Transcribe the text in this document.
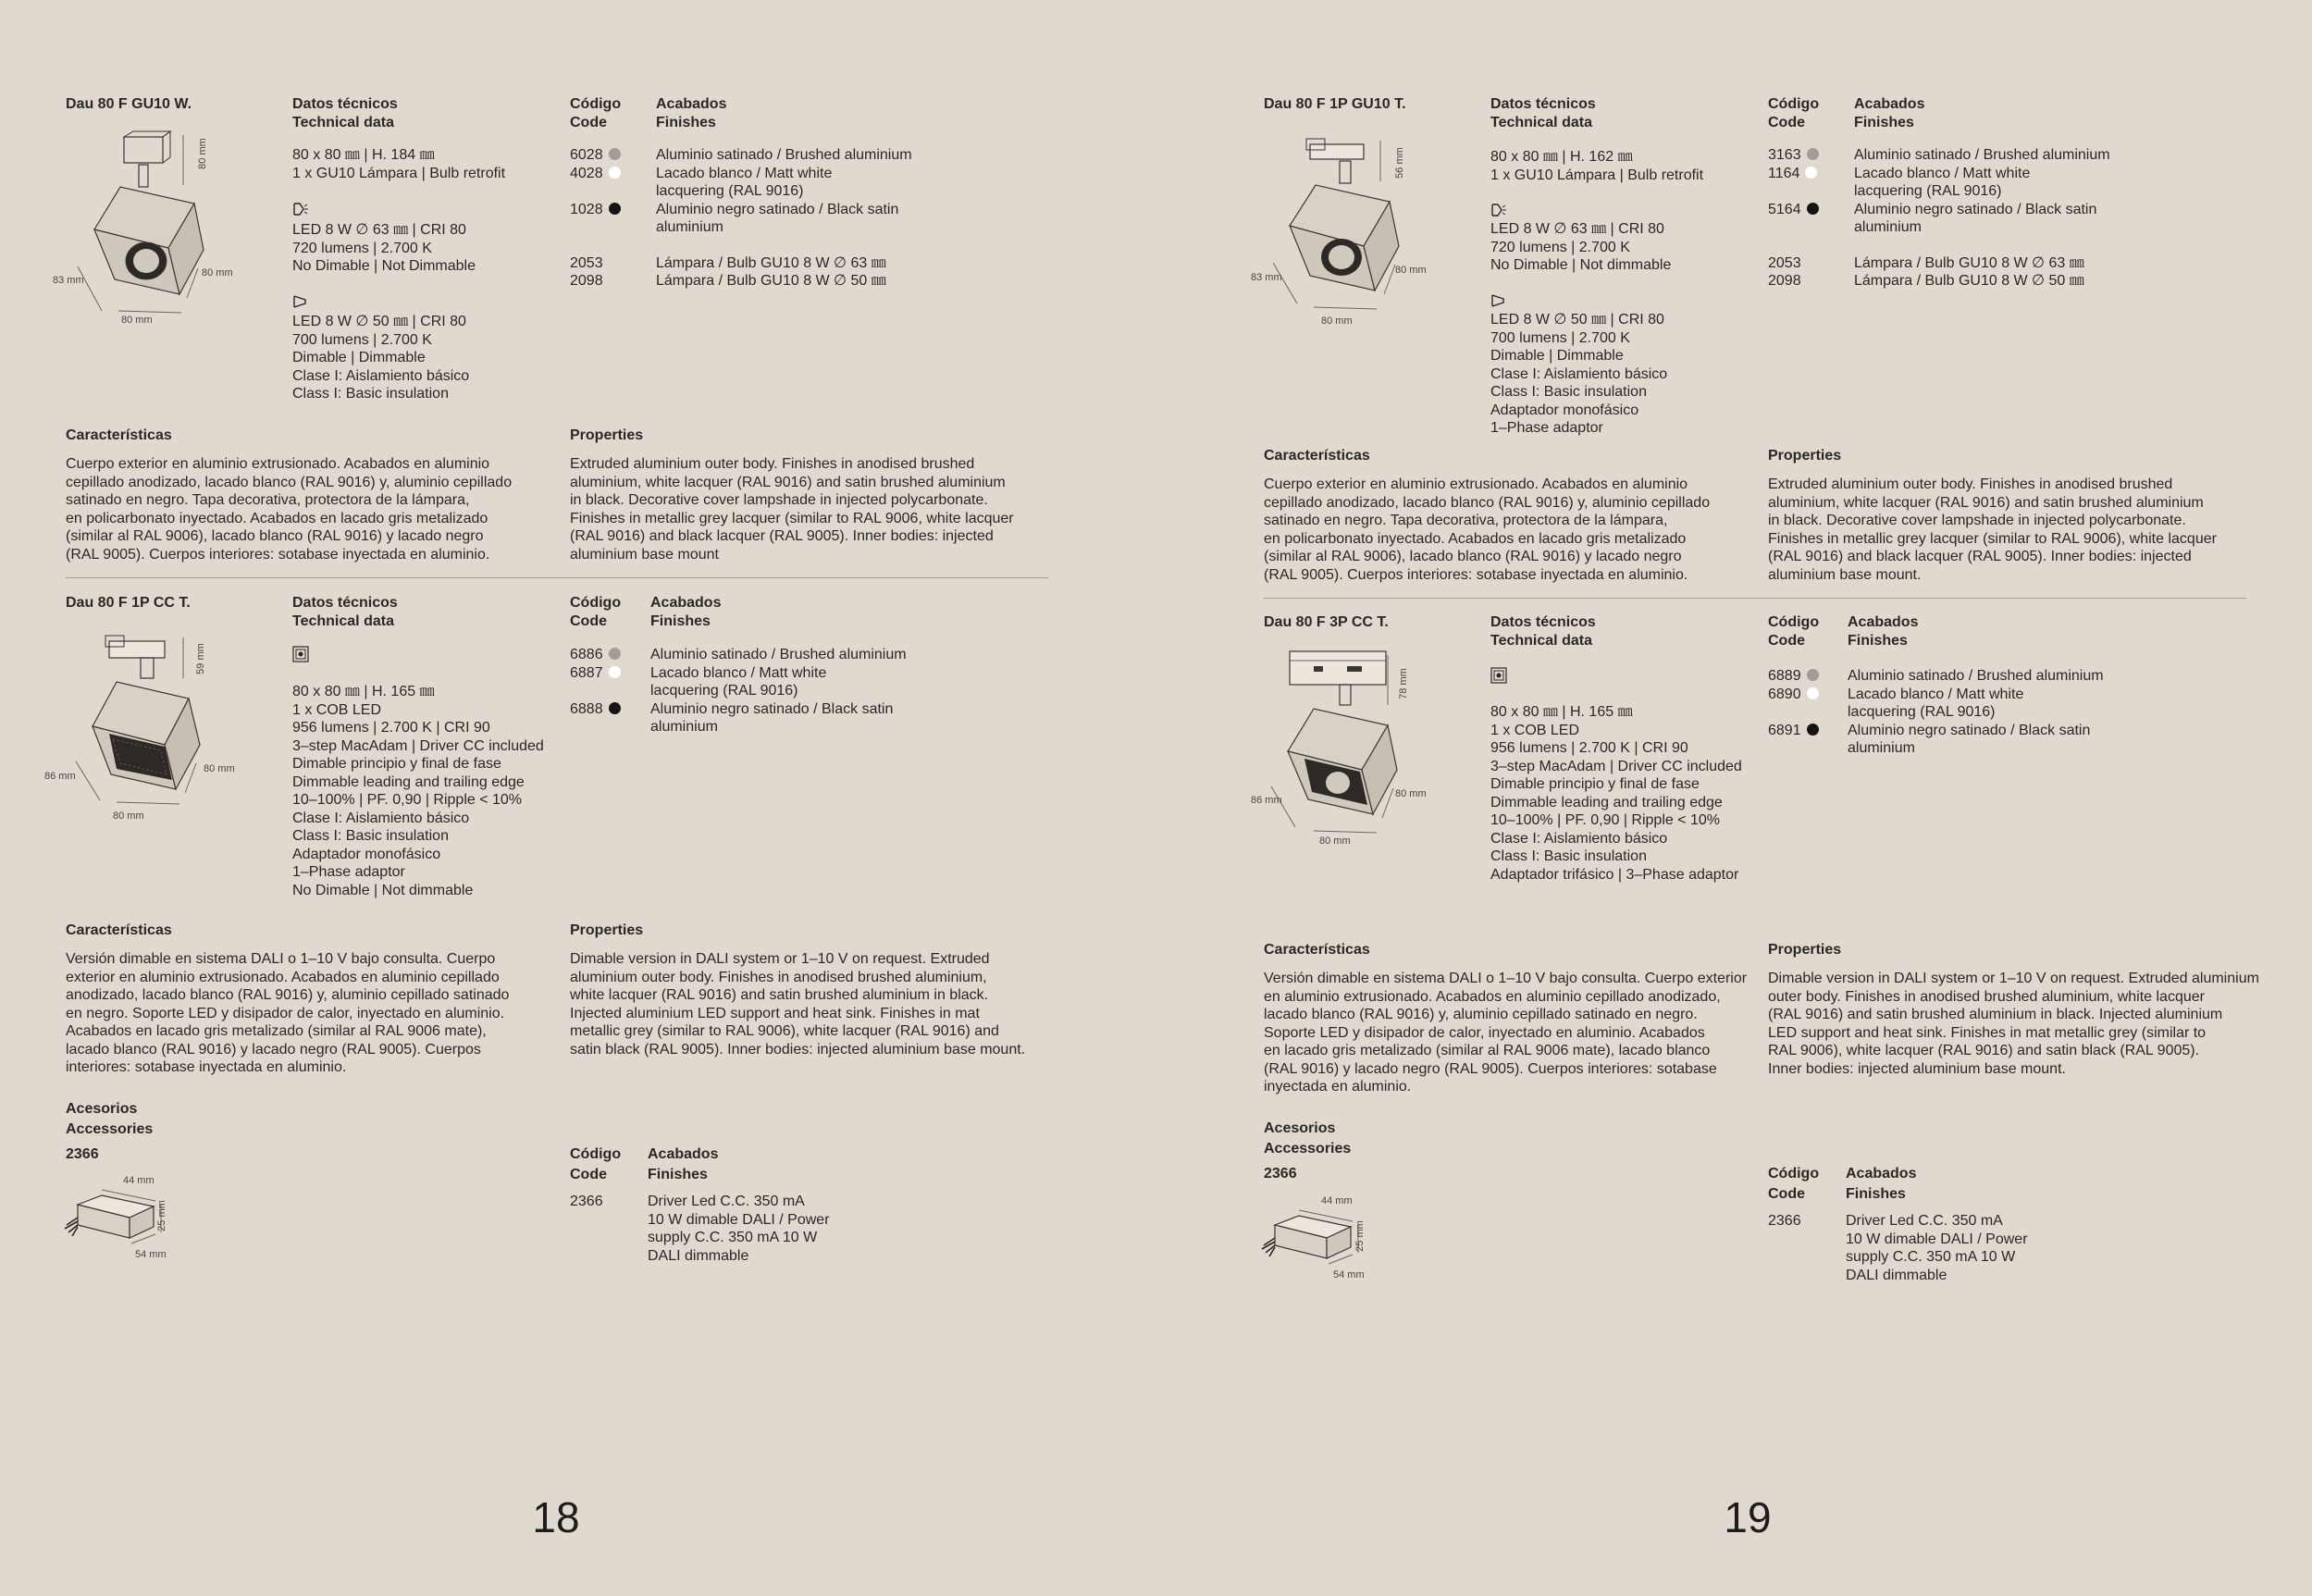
Dau 80 F GU10 W.
80 mm
83 mm
80 mm
80 mm
Datos técnicos
Technical data
80 x 80 ㎜ | H. 184 ㎜
1 x GU10 Lámpara | Bulb retrofit
LED 8 W ∅ 63 ㎜ | CRI 80
720 lumens | 2.700 K
No Dimable | Not Dimmable
LED 8 W ∅ 50 ㎜ | CRI 80
700 lumens | 2.700 K
Dimable | Dimmable
Clase I: Aislamiento básico
Class I: Basic insulation
Código
Code
Acabados
Finishes
6028	Aluminio satinado / Brushed aluminium
4028	Lacado blanco / Matt white
lacquering (RAL 9016)
1028	Aluminio negro satinado / Black satin
aluminium
2053	Lámpara / Bulb GU10 8 W ∅ 63 ㎜
2098	Lámpara / Bulb GU10 8 W ∅ 50 ㎜
Características
Cuerpo exterior en aluminio extrusionado. Acabados en aluminio
cepillado anodizado, lacado blanco (RAL 9016) y, aluminio cepillado
satinado en negro. Tapa decorativa, protectora de la lámpara,
en policarbonato inyectado. Acabados en lacado gris metalizado
(similar al RAL 9006), lacado blanco (RAL 9016) y lacado negro
(RAL 9005). Cuerpos interiores: sotabase inyectada en aluminio.
Properties
Extruded aluminium outer body. Finishes in anodised brushed
aluminium, white lacquer (RAL 9016) and satin brushed aluminium
in black. Decorative cover lampshade in injected polycarbonate.
Finishes in metallic grey lacquer (similar to RAL 9006, white lacquer
(RAL 9016) and black lacquer (RAL 9005). Inner bodies: injected
aluminium base mount
Dau 80 F 1P CC T.
59 mm
86 mm
80 mm
80 mm
Datos técnicos
Technical data
80 x 80 ㎜ | H. 165 ㎜
1 x COB LED
956 lumens | 2.700 K | CRI 90
3–step MacAdam | Driver CC included
Dimable principio y final de fase
Dimmable leading and trailing edge
10–100% | PF. 0,90 | Ripple < 10%
Clase I: Aislamiento básico
Class I: Basic insulation
Adaptador monofásico
1–Phase adaptor
No Dimable | Not dimmable
Código
Code
Acabados
Finishes
6886	Aluminio satinado / Brushed aluminium
6887	Lacado blanco / Matt white
lacquering (RAL 9016)
6888	Aluminio negro satinado / Black satin
aluminium
Características
Versión dimable en sistema DALI o 1–10 V bajo consulta. Cuerpo
exterior en aluminio extrusionado. Acabados en aluminio cepillado
anodizado, lacado blanco (RAL 9016) y, aluminio cepillado satinado
en negro. Soporte LED y disipador de calor, inyectado en aluminio.
Acabados en lacado gris metalizado (similar al RAL 9006 mate),
lacado blanco (RAL 9016) y lacado negro (RAL 9005). Cuerpos
interiores: sotabase inyectada en aluminio.
Properties
Dimable version in DALI system or 1–10 V on request. Extruded
aluminium outer body. Finishes in anodised brushed aluminium,
white lacquer (RAL 9016) and satin brushed aluminium in black.
Injected aluminium LED support and heat sink. Finishes in mat
metallic grey (similar to RAL 9006), white lacquer (RAL 9016) and
satin black (RAL 9005). Inner bodies: injected aluminium base mount.
Acesorios
Accessories
2366
44 mm
25 mm
54 mm
Código
Code
Acabados
Finishes
2366	Driver Led C.C. 350 mA
10 W dimable DALI / Power
supply C.C. 350 mA 10 W
DALI dimmable
18
Dau 80 F 1P GU10 T.
56 mm
83 mm
80 mm
80 mm
Datos técnicos
Technical data
80 x 80 ㎜ | H. 162 ㎜
1 x GU10 Lámpara | Bulb retrofit
LED 8 W ∅ 63 ㎜ | CRI 80
720 lumens | 2.700 K
No Dimable | Not dimmable
LED 8 W ∅ 50 ㎜ | CRI 80
700 lumens | 2.700 K
Dimable | Dimmable
Clase I: Aislamiento básico
Class I: Basic insulation
Adaptador monofásico
1–Phase adaptor
Código
Code
Acabados
Finishes
3163	Aluminio satinado / Brushed aluminium
1164	Lacado blanco / Matt white
lacquering (RAL 9016)
5164	Aluminio negro satinado / Black satin
aluminium
2053	Lámpara / Bulb GU10 8 W ∅ 63 ㎜
2098	Lámpara / Bulb GU10 8 W ∅ 50 ㎜
Características
Cuerpo exterior en aluminio extrusionado. Acabados en aluminio
cepillado anodizado, lacado blanco (RAL 9016) y, aluminio cepillado
satinado en negro. Tapa decorativa, protectora de la lámpara,
en policarbonato inyectado. Acabados en lacado gris metalizado
(similar al RAL 9006), lacado blanco (RAL 9016) y lacado negro
(RAL 9005). Cuerpos interiores: sotabase inyectada en aluminio.
Properties
Extruded aluminium outer body. Finishes in anodised brushed
aluminium, white lacquer (RAL 9016) and satin brushed aluminium
in black. Decorative cover lampshade in injected polycarbonate.
Finishes in metallic grey lacquer (similar to RAL 9006), white lacquer
(RAL 9016) and black lacquer (RAL 9005). Inner bodies: injected
aluminium base mount.
Dau 80 F 3P CC T.
78 mm
86 mm
80 mm
80 mm
Datos técnicos
Technical data
80 x 80 ㎜ | H. 165 ㎜
1 x COB LED
956 lumens | 2.700 K | CRI 90
3–step MacAdam | Driver CC included
Dimable principio y final de fase
Dimmable leading and trailing edge
10–100% | PF. 0,90 | Ripple < 10%
Clase I: Aislamiento básico
Class I: Basic insulation
Adaptador trifásico | 3–Phase adaptor
Código
Code
Acabados
Finishes
6889	Aluminio satinado / Brushed aluminium
6890	Lacado blanco / Matt white
lacquering (RAL 9016)
6891	Aluminio negro satinado / Black satin
aluminium
Características
Versión dimable en sistema DALI o 1–10 V bajo consulta. Cuerpo exterior
en aluminio extrusionado. Acabados en aluminio cepillado anodizado,
lacado blanco (RAL 9016) y, aluminio cepillado satinado en negro.
Soporte LED y disipador de calor, inyectado en aluminio. Acabados
en lacado gris metalizado (similar al RAL 9006 mate), lacado blanco
(RAL 9016) y lacado negro (RAL 9005). Cuerpos interiores: sotabase
inyectada en aluminio.
Properties
Dimable version in DALI system or 1–10 V on request. Extruded aluminium
outer body. Finishes in anodised brushed aluminium, white lacquer
(RAL 9016) and satin brushed aluminium in black. Injected aluminium
LED support and heat sink. Finishes in mat metallic grey (similar to
RAL 9006), white lacquer (RAL 9016) and satin black (RAL 9005).
Inner bodies: injected aluminium base mount.
Acesorios
Accessories
2366
44 mm
25 mm
54 mm
Código
Code
Acabados
Finishes
2366	Driver Led C.C. 350 mA
10 W dimable DALI / Power
supply C.C. 350 mA 10 W
DALI dimmable
19
